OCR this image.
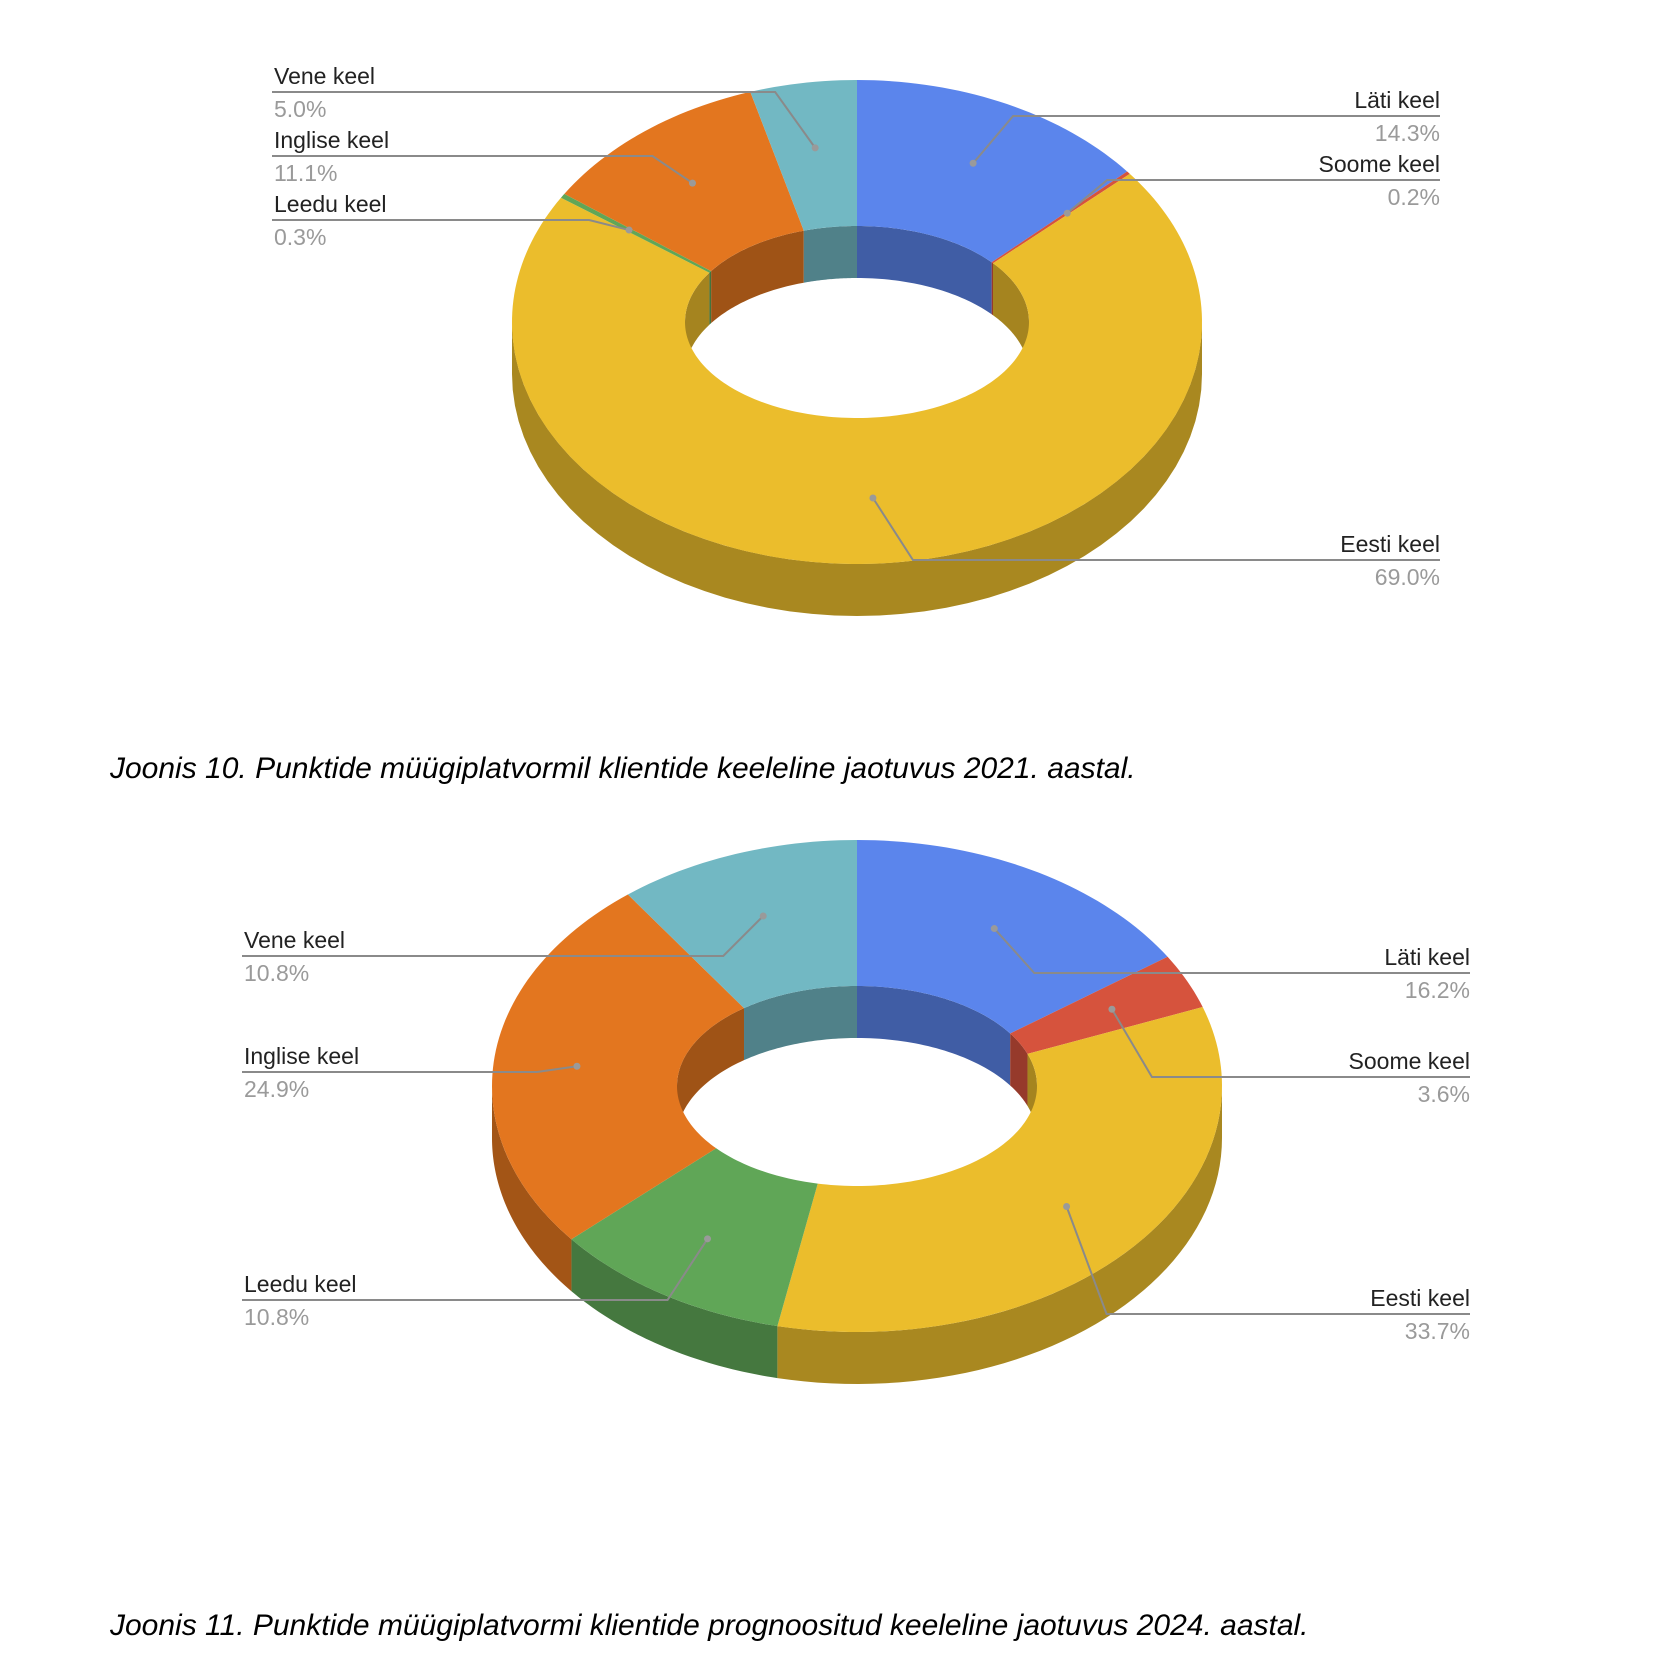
Läti keel
14.3%
Soome keel
0.2%
Eesti keel
69.0%
Leedu keel
0.3%
Inglise keel
11.1%
Vene keel
5.0%

Joonis 10. Punktide müügiplatvormil klientide keeleline jaotuvus 2021. aastal.

Läti keel
16.2%
Soome keel
3.6%
Eesti keel
33.7%
Leedu keel
10.8%
Inglise keel
24.9%
Vene keel
10.8%

Joonis 11. Punktide müügiplatvormi klientide prognoositud keeleline jaotuvus 2024. aastal.
